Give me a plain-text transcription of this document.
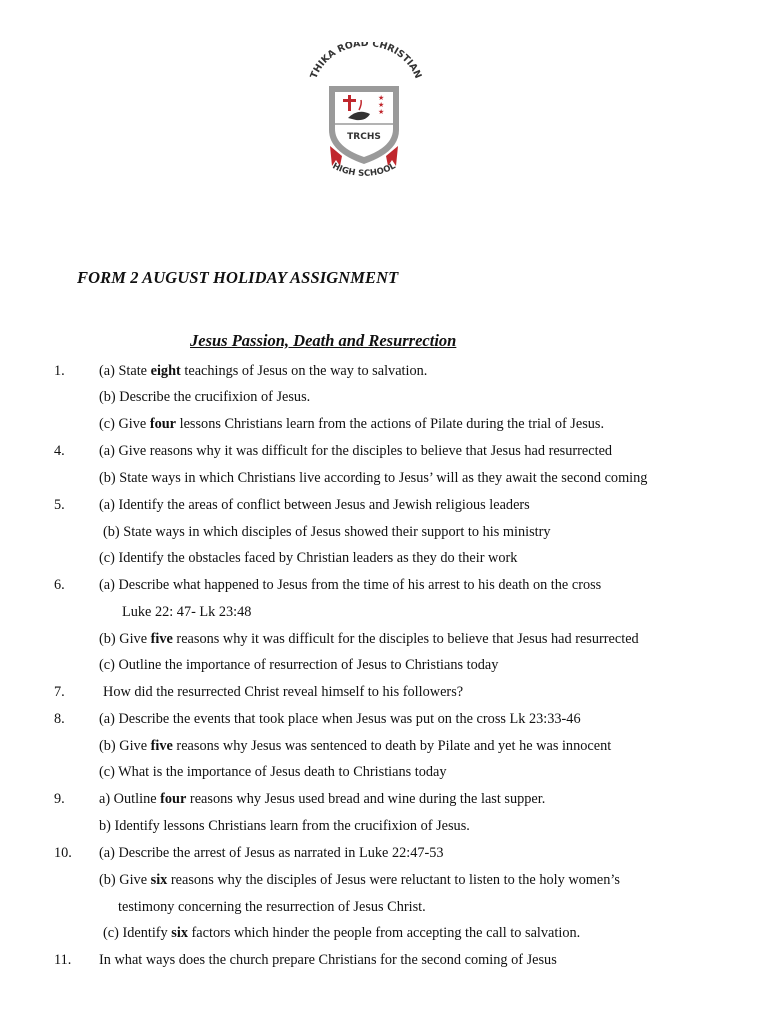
THIKA ROAD CHRISTIAN
★
★
★
TRCHS
HIGH SCHOOL
FORM 2 AUGUST HOLIDAY ASSIGNMENT
Jesus Passion, Death and Resurrection
1.
4.
5.
6.
7.
8.
9.
10.
11.
(a) State eight teachings of Jesus on the way to salvation.
(b) Describe the crucifixion of Jesus.
(c) Give four lessons Christians learn from the actions of Pilate during the trial of Jesus.
(a) Give reasons why it was difficult for the disciples to believe that Jesus had resurrected
(b) State ways in which Christians live according to Jesus’ will as they await the second coming
(a) Identify the areas of conflict between Jesus and Jewish religious leaders
(b) State ways in which disciples of Jesus showed their support to his ministry
(c) Identify the obstacles faced by Christian leaders as they do their work
(a) Describe what happened to Jesus from the time of his arrest to his death on the cross
Luke 22: 47- Lk 23:48
(b) Give five reasons why it was difficult for the disciples to believe that Jesus had resurrected
(c) Outline the importance of resurrection of Jesus to Christians today
How did the resurrected Christ reveal himself to his followers?
(a) Describe the events that took place when Jesus was put on the cross Lk 23:33-46
(b) Give five reasons why Jesus was sentenced to death by Pilate and yet he was innocent
(c) What is the importance of Jesus death to Christians today
a) Outline four reasons why Jesus used bread and wine during the last supper.
b) Identify lessons Christians learn from the crucifixion of Jesus.
(a) Describe the arrest of Jesus as narrated in Luke 22:47-53
(b) Give six reasons why the disciples of Jesus were reluctant to listen to the holy women’s
testimony concerning the resurrection of Jesus Christ.
(c) Identify six factors which hinder the people from accepting the call to salvation.
In what ways does the church prepare Christians for the second coming of Jesus
